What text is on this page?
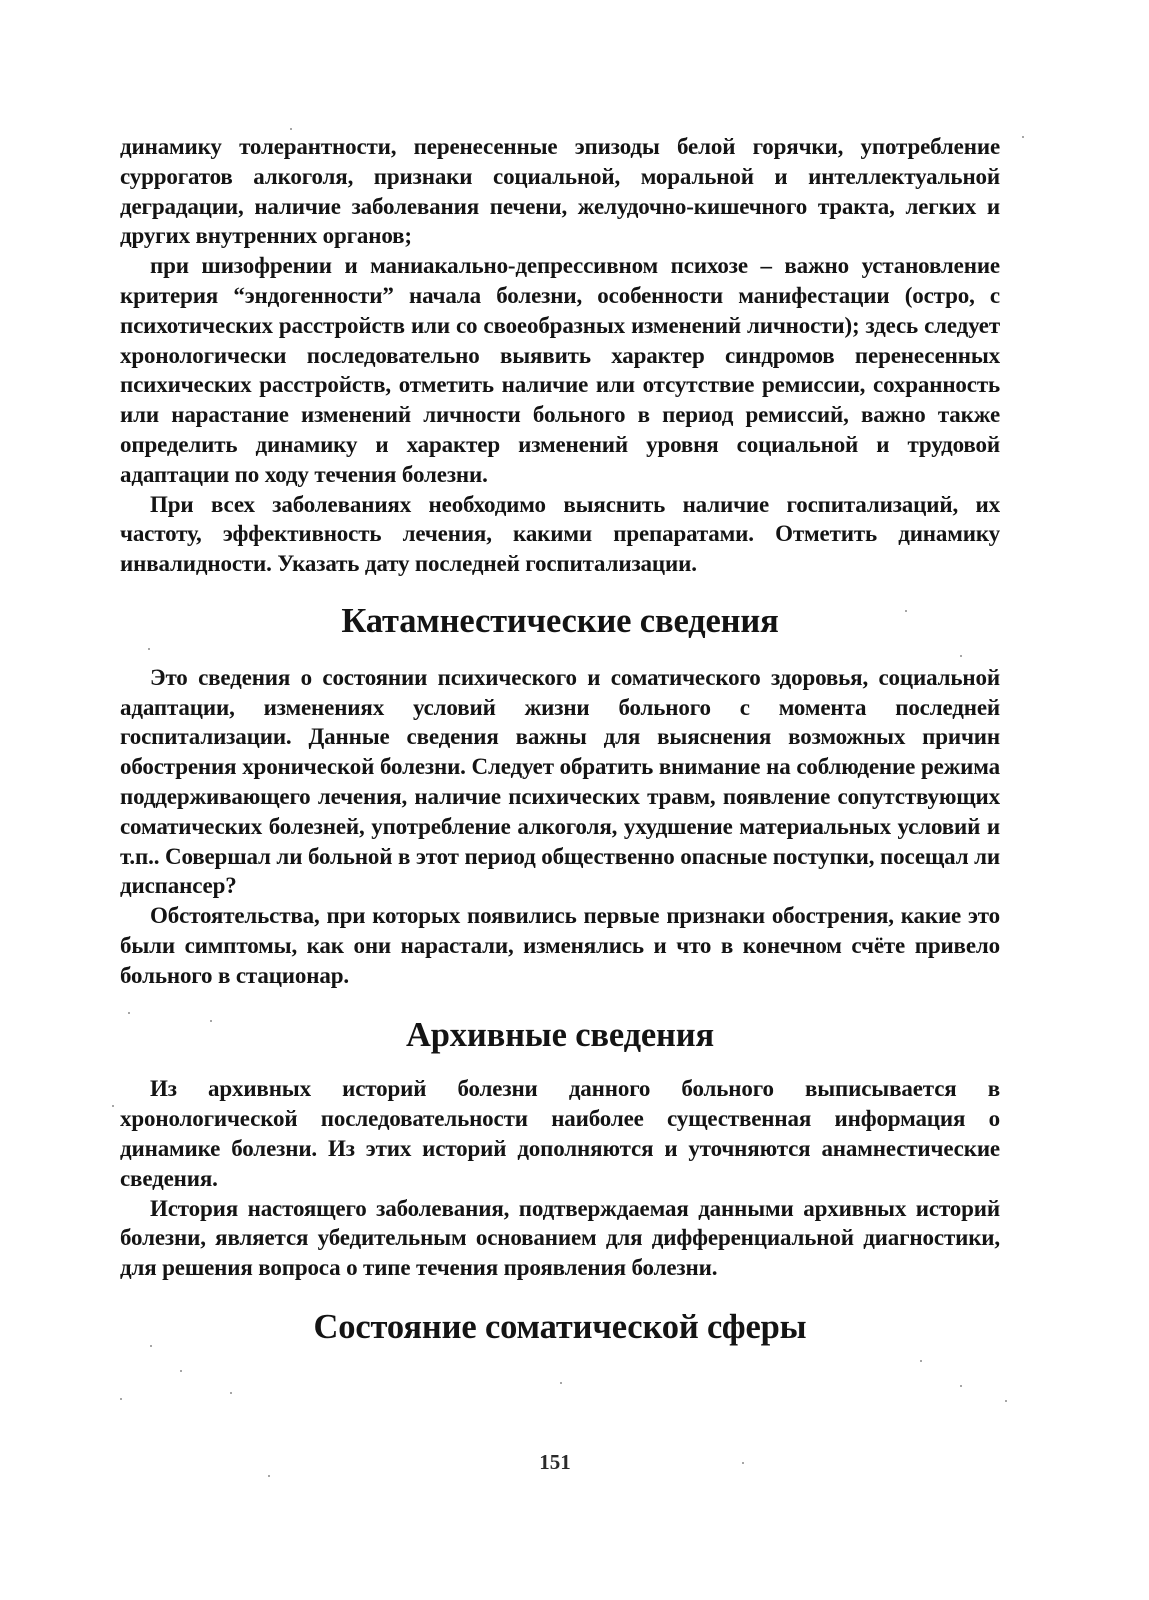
динамику толерантности, перенесенные эпизоды белой горячки, употребление суррогатов алкоголя, признаки социальной, моральной и интеллектуальной деградации, наличие заболевания печени, желудочно-кишечного тракта, легких и других внутренних органов;

при шизофрении и маниакально-депрессивном психозе – важно установление критерия “эндогенности” начала болезни, особенности манифестации (остро, с психотических расстройств или со своеобразных изменений личности); здесь следует хронологически последовательно выявить характер синдромов перенесенных психических расстройств, отметить наличие или отсутствие ремиссии, сохранность или нарастание изменений личности больного в период ремиссий, важно также определить динамику и характер изменений уровня социальной и трудовой адаптации по ходу течения болезни.

При всех заболеваниях необходимо выяснить наличие госпитализаций, их частоту, эффективность лечения, какими препаратами. Отметить динамику инвалидности. Указать дату последней госпитализации.

Катамнестические сведения

Это сведения о состоянии психического и соматического здоровья, социальной адаптации, изменениях условий жизни больного с момента последней госпитализации. Данные сведения важны для выяснения возможных причин обострения хронической болезни. Следует обратить внимание на соблюдение режима поддерживающего лечения, наличие психических травм, появление сопутствующих соматических болезней, употребление алкоголя, ухудшение материальных условий и т.п.. Совершал ли больной в этот период общественно опасные поступки, посещал ли диспансер?

Обстоятельства, при которых появились первые признаки обострения, какие это были симптомы, как они нарастали, изменялись и что в конечном счёте привело больного в стационар.

Архивные сведения

Из архивных историй болезни данного больного выписывается в хронологической последовательности наиболее существенная информация о динамике болезни. Из этих историй дополняются и уточняются анамнестические сведения.

История настоящего заболевания, подтверждаемая данными архивных историй болезни, является убедительным основанием для дифференциальной диагностики, для решения вопроса о типе течения проявления болезни.

Состояние соматической сферы
151
